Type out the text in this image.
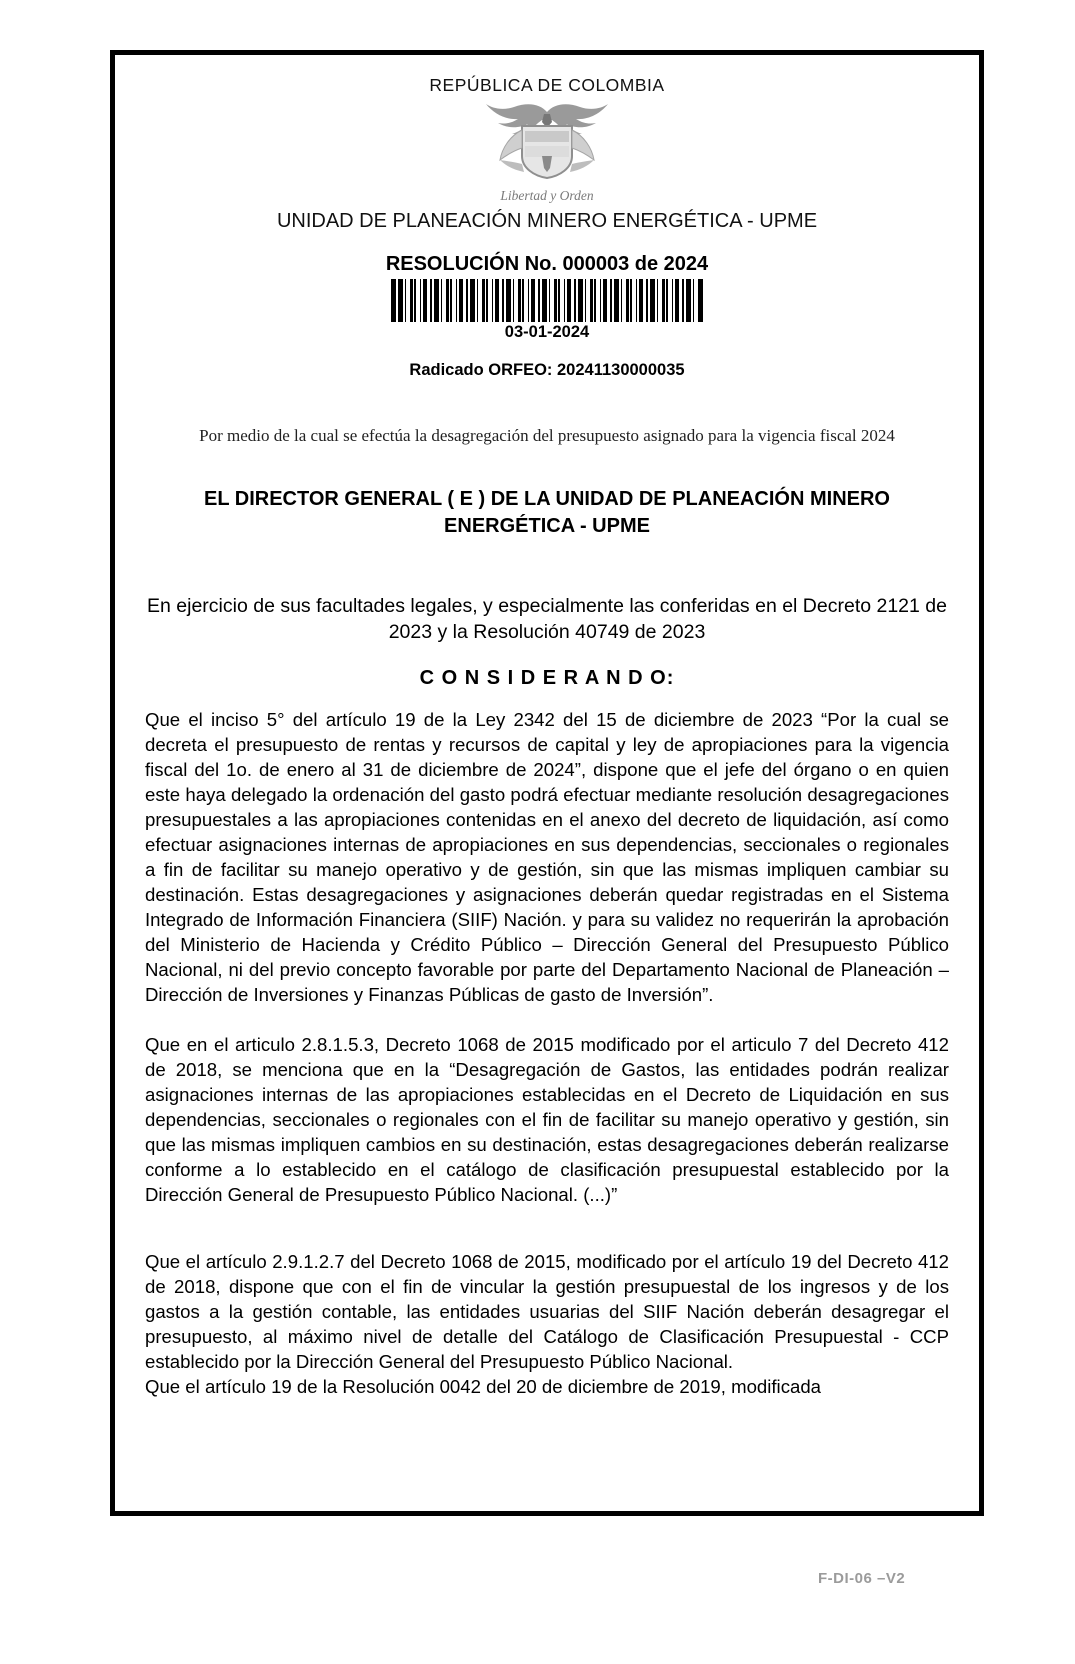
REPÚBLICA DE COLOMBIA
Libertad y Orden
UNIDAD DE PLANEACIÓN MINERO ENERGÉTICA - UPME
RESOLUCIÓN No. 000003 de 2024
03-01-2024
Radicado ORFEO: 20241130000035
Por medio de la cual se efectúa la desagregación del presupuesto asignado para la vigencia fiscal 2024
EL DIRECTOR GENERAL ( E ) DE LA UNIDAD DE PLANEACIÓN MINERO ENERGÉTICA - UPME
En ejercicio de sus facultades legales, y especialmente las conferidas en el Decreto 2121 de 2023 y la Resolución 40749 de 2023
C O N S I D E R A N D O:

Que el inciso 5° del artículo 19 de la Ley 2342 del 15 de diciembre de 2023 “Por la cual se decreta el presupuesto de rentas y recursos de capital y ley de apropiaciones para la vigencia fiscal del 1o. de enero al 31 de diciembre de 2024”, dispone que el jefe del órgano o en quien este haya delegado la ordenación del gasto podrá efectuar mediante resolución desagregaciones presupuestales a las apropiaciones contenidas en el anexo del decreto de liquidación, así como efectuar asignaciones internas de apropiaciones en sus dependencias, seccionales o regionales a fin de facilitar su manejo operativo y de gestión, sin que las mismas impliquen cambiar su destinación. Estas desagregaciones y asignaciones deberán quedar registradas en el Sistema Integrado de Información Financiera (SIIF) Nación. y para su validez no requerirán la aprobación del Ministerio de Hacienda y Crédito Público – Dirección General del Presupuesto Público Nacional, ni del previo concepto favorable por parte del Departamento Nacional de Planeación – Dirección de Inversiones y Finanzas Públicas de gasto de Inversión”.

Que en el articulo 2.8.1.5.3, Decreto 1068 de 2015 modificado por el articulo 7 del Decreto 412 de 2018, se menciona que en la “Desagregación de Gastos, las entidades podrán realizar asignaciones internas de las apropiaciones establecidas en el Decreto de Liquidación en sus dependencias, seccionales o regionales con el fin de facilitar su manejo operativo y gestión, sin que las mismas impliquen cambios en su destinación, estas desagregaciones deberán realizarse conforme a lo establecido en el catálogo de clasificación presupuestal establecido por la Dirección General de Presupuesto Público Nacional. (...)”

Que el artículo 2.9.1.2.7 del Decreto 1068 de 2015, modificado por el artículo 19 del Decreto 412 de 2018, dispone que con el fin de vincular la gestión presupuestal de los ingresos y de los gastos a la gestión contable, las entidades usuarias del SIIF Nación deberán desagregar el presupuesto, al máximo nivel de detalle del Catálogo de Clasificación Presupuestal - CCP establecido por la Dirección General del Presupuesto Público Nacional.

Que el artículo 19 de la Resolución 0042 del 20 de diciembre de 2019, modificada

F-DI-06 –V2
